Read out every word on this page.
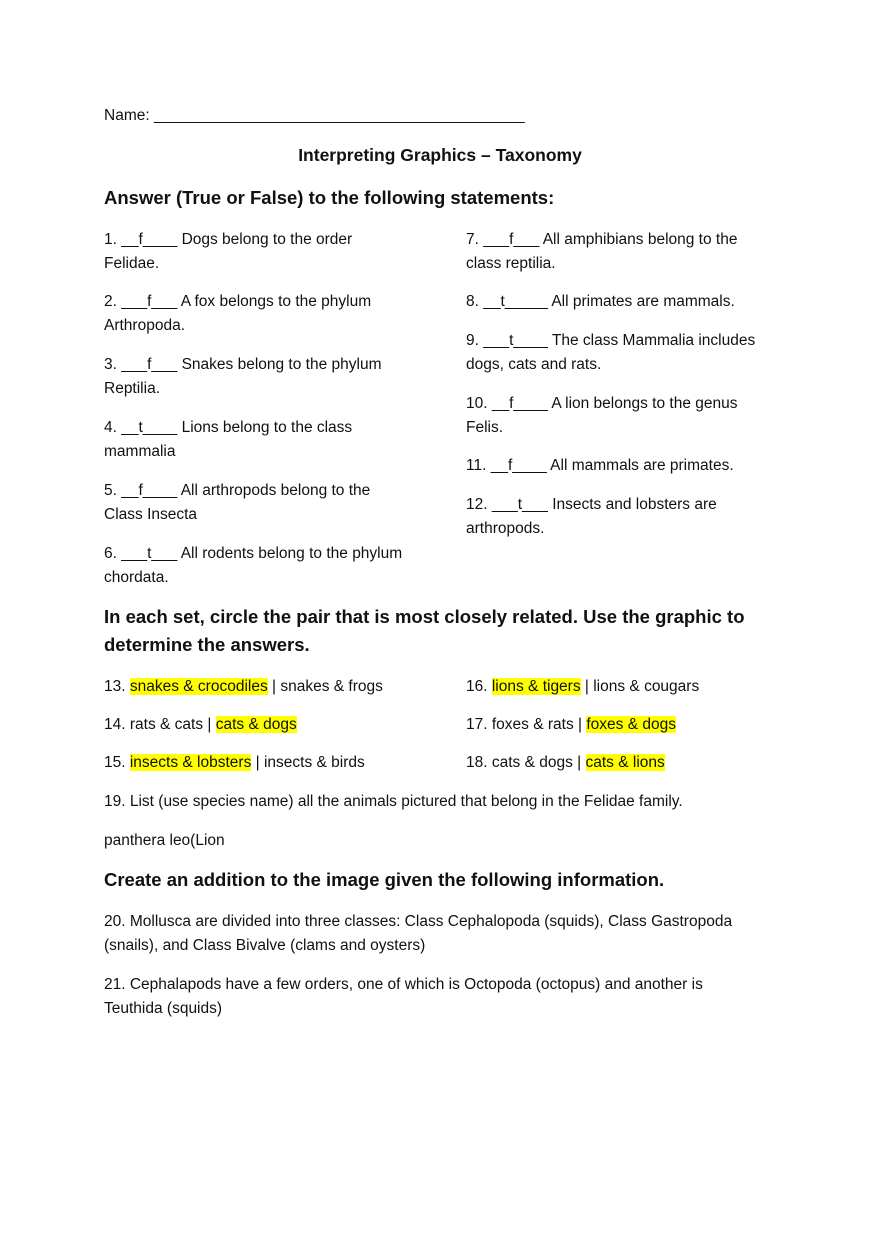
Name: ___________________________________________
Interpreting Graphics – Taxonomy
Answer (True or False) to the following statements:
1. __f____ Dogs belong to the order
Felidae.
2. ___f___ A fox belongs to the phylum
Arthropoda.
3. ___f___ Snakes belong to the phylum
Reptilia.
4. __t____ Lions belong to the class
mammalia
5. __f____ All arthropods belong to the
Class Insecta
6. ___t___ All rodents belong to the phylum
chordata.
7. ___f___ All amphibians belong to the
class reptilia.
8. __t_____ All primates are mammals.
9. ___t____ The class Mammalia includes
dogs, cats and rats.
10. __f____ A lion belongs to the genus
Felis.
11. __f____ All mammals are primates.
12. ___t___ Insects and lobsters are
arthropods.
In each set, circle the pair that is most closely related. Use the graphic to
determine the answers.
13. snakes & crocodiles | snakes & frogs
14. rats & cats | cats & dogs
15. insects & lobsters | insects & birds
16. lions & tigers | lions & cougars
17. foxes & rats | foxes & dogs
18. cats & dogs | cats & lions
19. List (use species name) all the animals pictured that belong in the Felidae family.
panthera leo(Lion
Create an addition to the image given the following information.
20. Mollusca are divided into three classes: Class Cephalopoda (squids), Class Gastropoda
(snails), and Class Bivalve (clams and oysters)
21. Cephalapods have a few orders, one of which is Octopoda (octopus) and another is
Teuthida (squids)
